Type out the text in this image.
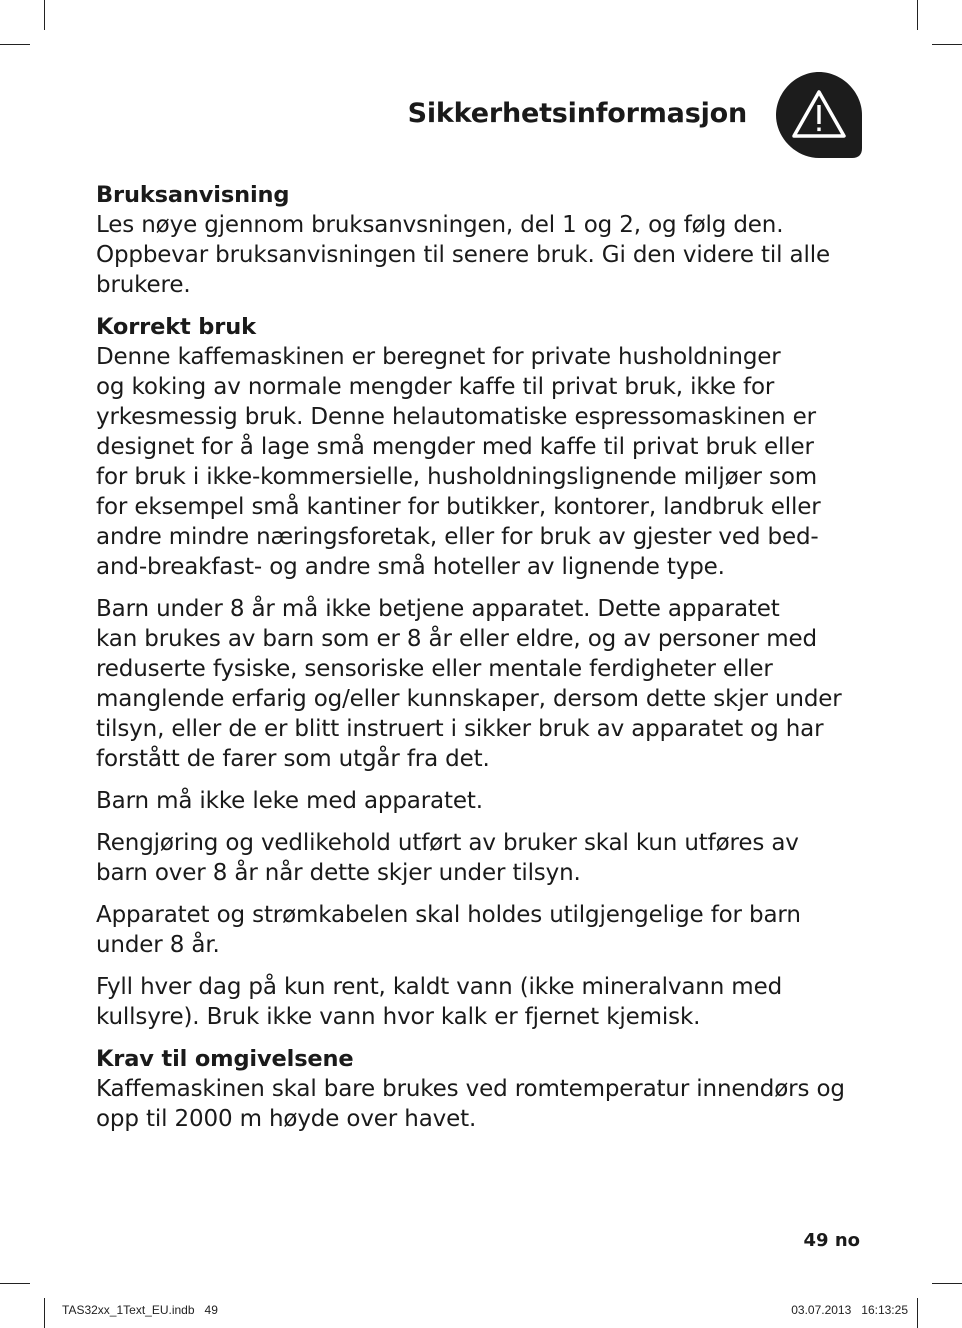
Sikkerhetsinformasjon
Bruksanvisning

Les nøye gjennom bruksanvsningen, del 1 og 2, og følg den.
Oppbevar bruksanvisningen til senere bruk. Gi den videre til alle
brukere.

Korrekt bruk

Denne kaffemaskinen er beregnet for private husholdninger
og koking av normale mengder kaffe til privat bruk, ikke for
yrkesmessig bruk. Denne helautomatiske espressomaskinen er
designet for å lage små mengder med kaffe til privat bruk eller
for bruk i ikke-kommersielle, husholdningslignende miljøer som
for eksempel små kantiner for butikker, kontorer, landbruk eller
andre mindre næringsforetak, eller for bruk av gjester ved bed-
and-breakfast- og andre små hoteller av lignende type.

Barn under 8 år må ikke betjene apparatet. Dette apparatet
kan brukes av barn som er 8 år eller eldre, og av personer med
reduserte fysiske, sensoriske eller mentale ferdigheter eller
manglende erfarig og/eller kunnskaper, dersom dette skjer under
tilsyn, eller de er blitt instruert i sikker bruk av apparatet og har
forstått de farer som utgår fra det.

Barn må ikke leke med apparatet.

Rengjøring og vedlikehold utført av bruker skal kun utføres av
barn over 8 år når dette skjer under tilsyn.

Apparatet og strømkabelen skal holdes utilgjengelige for barn
under 8 år.

Fyll hver dag på kun rent, kaldt vann (ikke mineralvann med
kullsyre). Bruk ikke vann hvor kalk er fjernet kjemisk.

Krav til omgivelsene

Kaffemaskinen skal bare brukes ved romtemperatur innendørs og
opp til 2000 m høyde over havet.

49 no
TAS32xx_1Text_EU.indb   49	03.07.2013   16:13:25
